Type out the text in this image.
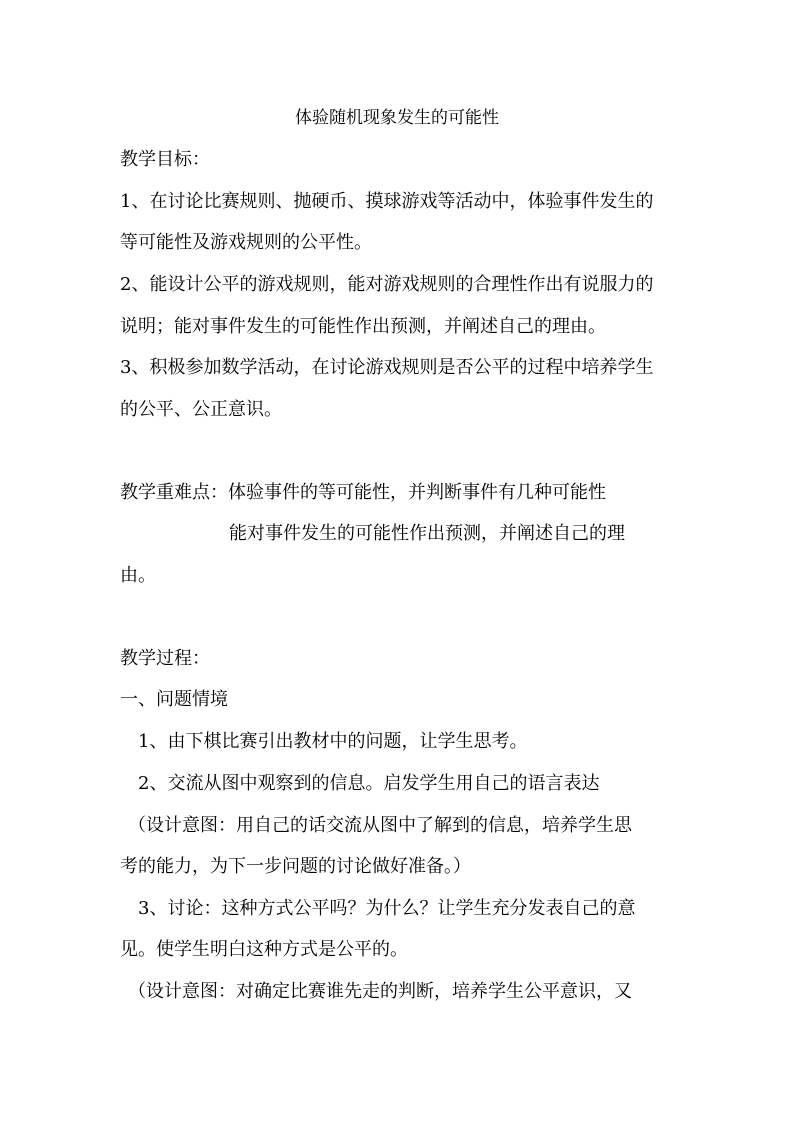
体验随机现象发生的可能性
教学目标：
1、在讨论比赛规则、抛硬币、摸球游戏等活动中，体验事件发生的
等可能性及游戏规则的公平性。
2、能设计公平的游戏规则，能对游戏规则的合理性作出有说服力的
说明；能对事件发生的可能性作出预测，并阐述自己的理由。
3、积极参加数学活动，在讨论游戏规则是否公平的过程中培养学生
的公平、公正意识。
教学重难点：体验事件的等可能性，并判断事件有几种可能性
能对事件发生的可能性作出预测，并阐述自己的理
由。
教学过程：
一、问题情境
1、由下棋比赛引出教材中的问题，让学生思考。
2、交流从图中观察到的信息。启发学生用自己的语言表达
（设计意图：用自己的话交流从图中了解到的信息，培养学生思
考的能力，为下一步问题的讨论做好准备。）
3、讨论：这种方式公平吗？为什么？让学生充分发表自己的意
见。使学生明白这种方式是公平的。
（设计意图：对确定比赛谁先走的判断，培养学生公平意识，又
